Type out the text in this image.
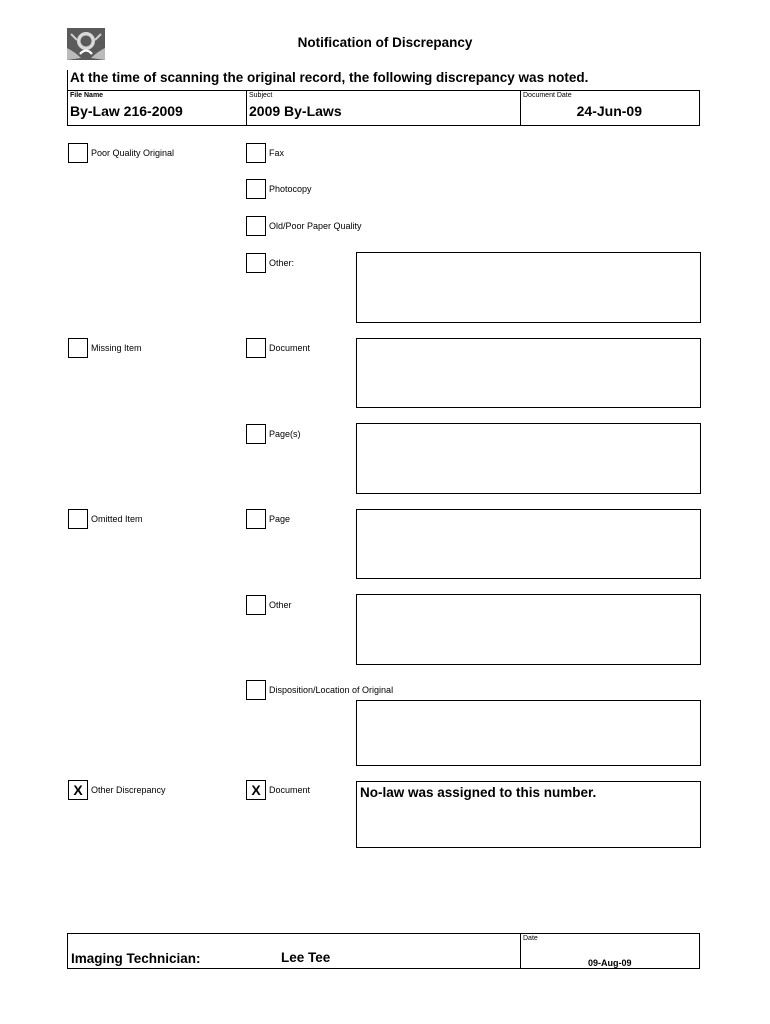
Notification of Discrepancy
At the time of scanning the original record, the following discrepancy was noted.
File Name
By-Law 216-2009
Subject
2009 By-Laws
Document Date
24-Jun-09
Poor Quality Original
Missing Item
Omitted Item
X Other Discrepancy
Fax
Photocopy
Old/Poor Paper Quality
Other:
Document
Page(s)
Page
Other
Disposition/Location of Original
X Document	No-law was assigned to this number.
Imaging Technician:	Lee Tee
Date
09-Aug-09
